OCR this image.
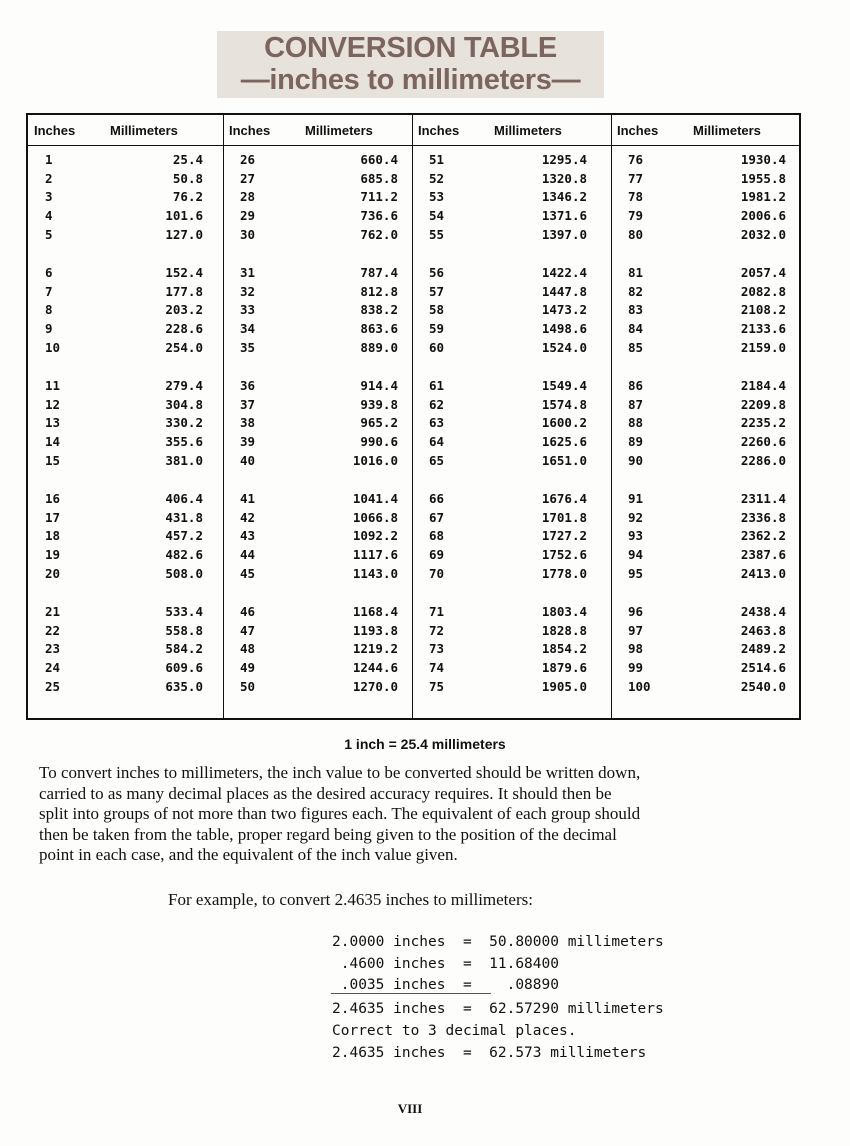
CONVERSION TABLE
—inches to millimeters—
Inches	Millimeters
1	25.4
2	50.8
3	76.2
4	101.6
5	127.0
6	152.4
7	177.8
8	203.2
9	228.6
10	254.0
11	279.4
12	304.8
13	330.2
14	355.6
15	381.0
16	406.4
17	431.8
18	457.2
19	482.6
20	508.0
21	533.4
22	558.8
23	584.2
24	609.6
25	635.0
Inches	Millimeters
26	660.4
27	685.8
28	711.2
29	736.6
30	762.0
31	787.4
32	812.8
33	838.2
34	863.6
35	889.0
36	914.4
37	939.8
38	965.2
39	990.6
40	1016.0
41	1041.4
42	1066.8
43	1092.2
44	1117.6
45	1143.0
46	1168.4
47	1193.8
48	1219.2
49	1244.6
50	1270.0
Inches	Millimeters
51	1295.4
52	1320.8
53	1346.2
54	1371.6
55	1397.0
56	1422.4
57	1447.8
58	1473.2
59	1498.6
60	1524.0
61	1549.4
62	1574.8
63	1600.2
64	1625.6
65	1651.0
66	1676.4
67	1701.8
68	1727.2
69	1752.6
70	1778.0
71	1803.4
72	1828.8
73	1854.2
74	1879.6
75	1905.0
Inches	Millimeters
76	1930.4
77	1955.8
78	1981.2
79	2006.6
80	2032.0
81	2057.4
82	2082.8
83	2108.2
84	2133.6
85	2159.0
86	2184.4
87	2209.8
88	2235.2
89	2260.6
90	2286.0
91	2311.4
92	2336.8
93	2362.2
94	2387.6
95	2413.0
96	2438.4
97	2463.8
98	2489.2
99	2514.6
100	2540.0
1 inch = 25.4 millimeters
To convert inches to millimeters, the inch value to be converted should be written down,
carried to as many decimal places as the desired accuracy requires. It should then be
split into groups of not more than two figures each. The equivalent of each group should
then be taken from the table, proper regard being given to the position of the decimal
point in each case, and the equivalent of the inch value given.
For example, to convert 2.4635 inches to millimeters:
2.0000 inches  =  50.80000 millimeters
.4600 inches  =  11.68400
.0035 inches  =    .08890
2.4635 inches  =  62.57290 millimeters
Correct to 3 decimal places.
2.4635 inches  =  62.573 millimeters
VIII
